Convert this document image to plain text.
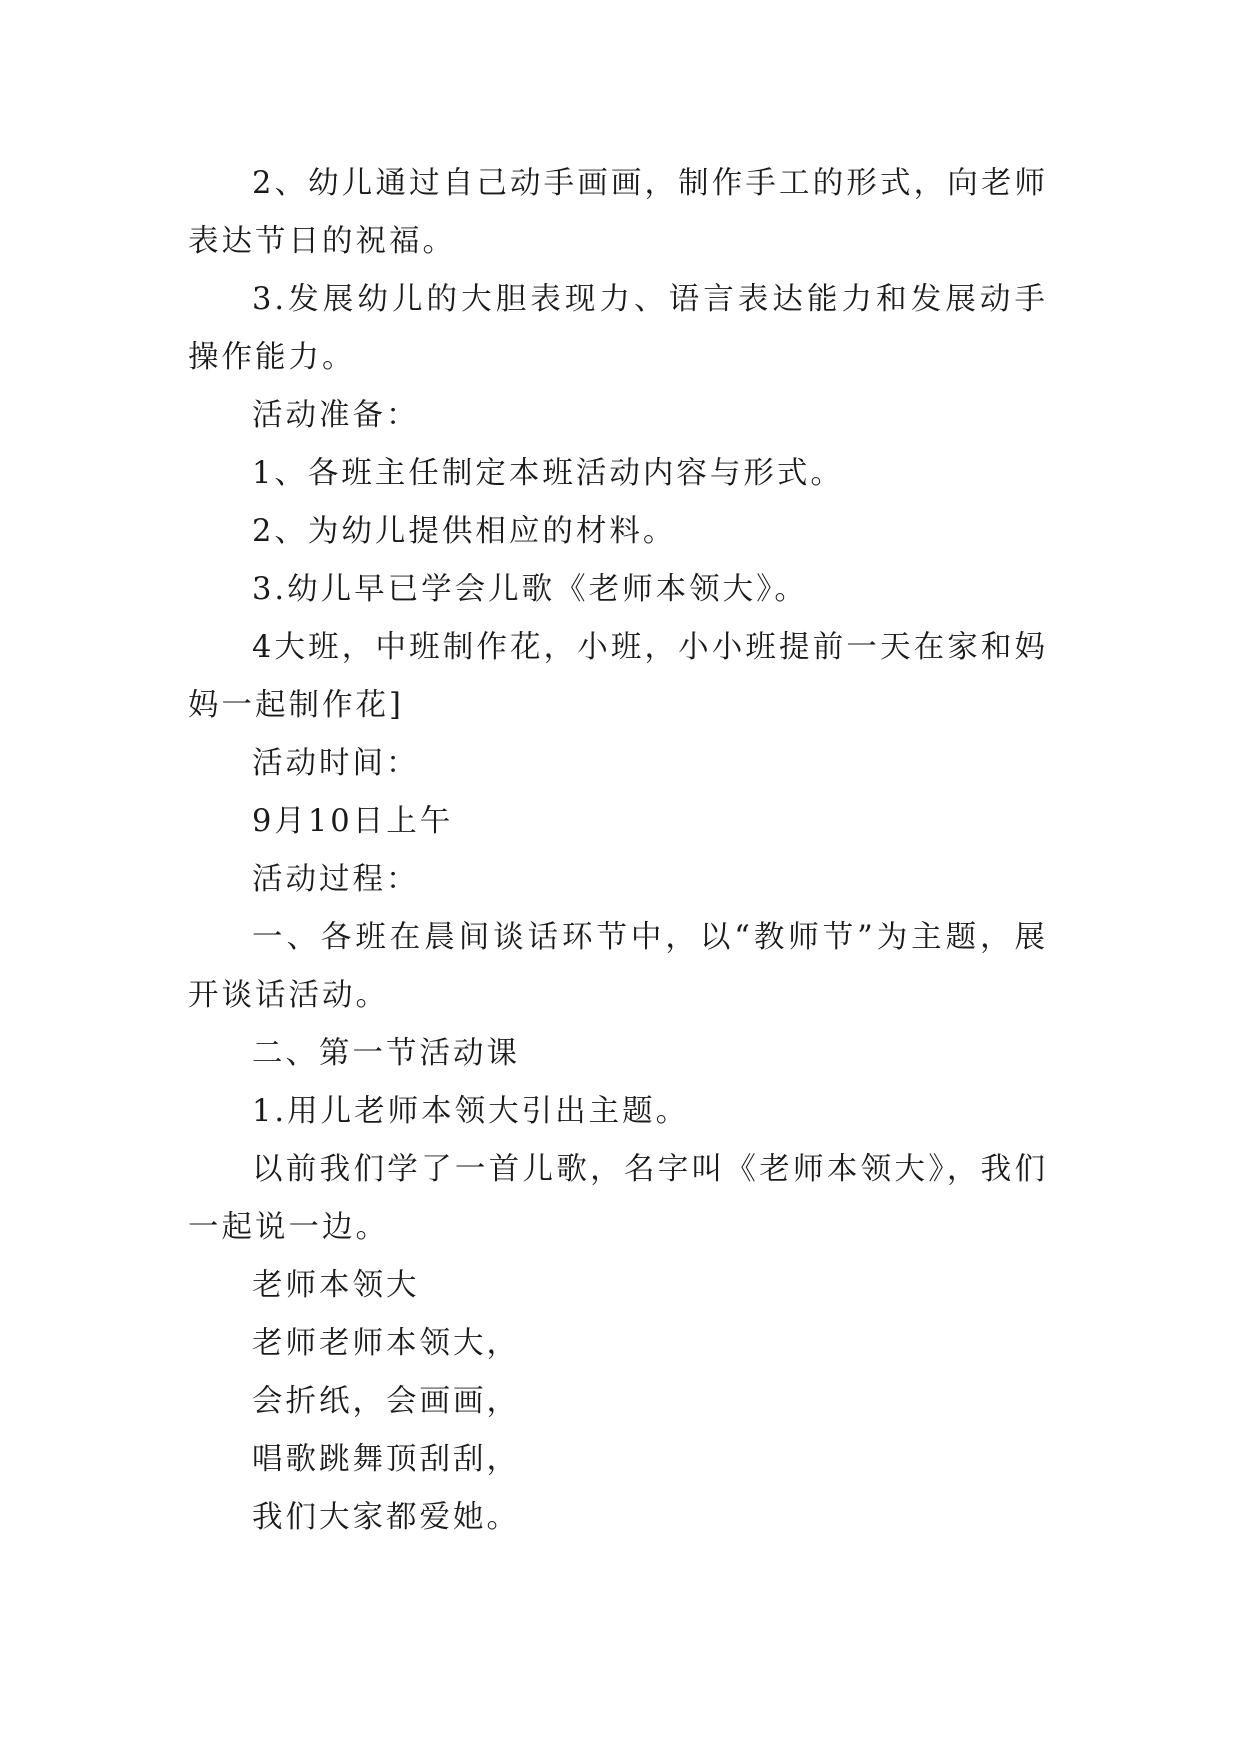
2、幼儿通过自己动手画画，制作手工的形式，向老师表达节日的祝福。

3.发展幼儿的大胆表现力、语言表达能力和发展动手操作能力。

活动准备：

1、各班主任制定本班活动内容与形式。

2、为幼儿提供相应的材料。

3.幼儿早已学会儿歌《老师本领大》。

4大班，中班制作花，小班，小小班提前一天在家和妈妈一起制作花]

活动时间：

9月10日上午

活动过程：

一、各班在晨间谈话环节中，以“教师节”为主题，展开谈话活动。

二、第一节活动课

1.用儿老师本领大引出主题。

以前我们学了一首儿歌，名字叫《老师本领大》，我们一起说一边。

老师本领大

老师老师本领大，

会折纸，会画画，

唱歌跳舞顶刮刮，

我们大家都爱她。
